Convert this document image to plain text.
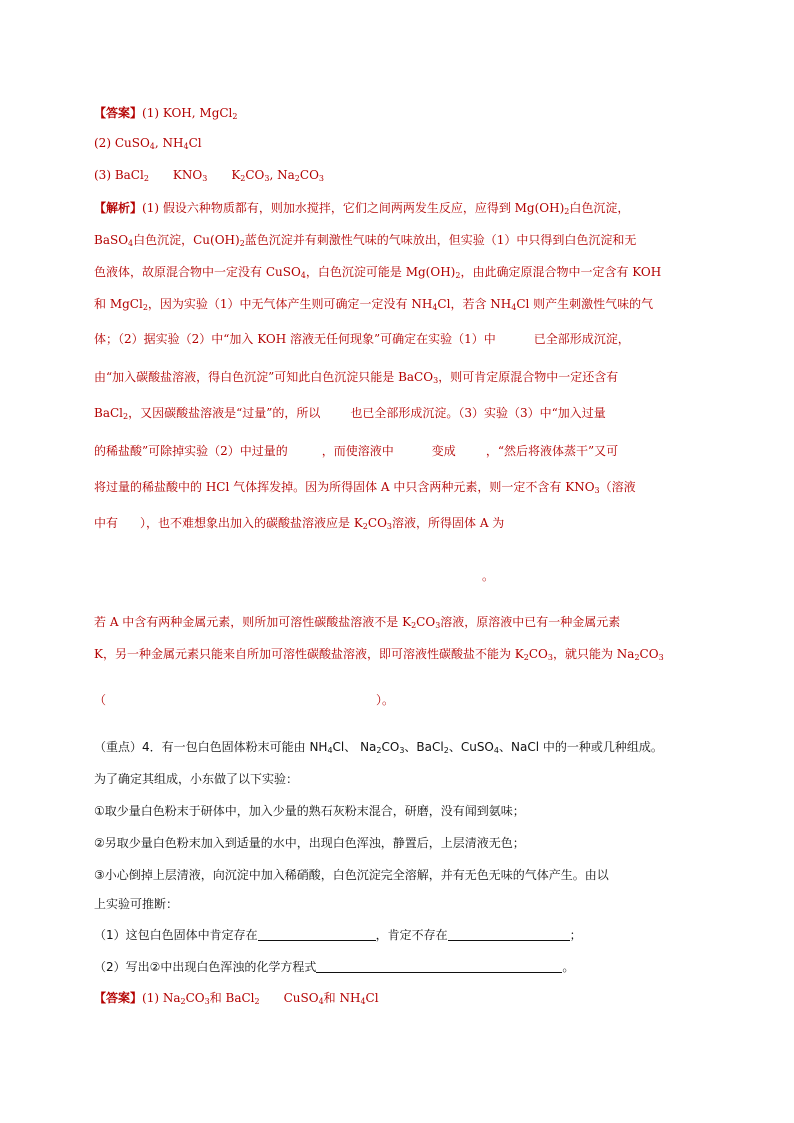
【答案】(1) KOH, MgCl$_2$
(2) CuSO$_4$, $NH_4Cl$
(3) BaCl$_2$ $KNO_3$ $K_2CO_3$, $Na_2CO_3$
【解析】(1) 假设六种物质都有，则加水搅拌，它们之间两两发生反应，应得到 $Mg(OH)_2$白色沉淀，
BaSO$_4$白色沉淀，$Cu(OH)_2$蓝色沉淀并有刺激性气味的气味放出，但实验（1）中只得到白色沉淀和无
色液体，故原混合物中一定没有 CuSO$_4$，白色沉淀可能是 $Mg(OH)_2$，由此确定原混合物中一定含有 KOH
和 MgCl$_2$，因为实验（1）中无气体产生则可确定一定没有 $NH_4Cl$，若含 $NH_4Cl$ 则产生刺激性气味的气
体；（2）据实验（2）中“加入 KOH 溶液无任何现象”可确定在实验（1）中	已全部形成沉淀，
由“加入碳酸盐溶液，得白色沉淀”可知此白色沉淀只能是 BaCO$_3$，则可肯定原混合物中一定还含有
BaCl$_2$，又因碳酸盐溶液是“过量”的，所以	也已全部形成沉淀。（3）实验（3）中“加入过量
的稀盐酸”可除掉实验（2）中过量的	，而使溶液中	变成	，“然后将液体蒸干”又可
将过量的稀盐酸中的 HCl 气体挥发掉。因为所得固体 A 中只含两种元素，则一定不含有 $KNO_3$（溶液
中有 ），也不难想象出加入的碳酸盐溶液应是 $K_2CO_3$溶液，所得固体 A 为
。
若 A 中含有两种金属元素，则所加可溶性碳酸盐溶液不是 $K_2CO_3$溶液，原溶液中已有一种金属元素
K，另一种金属元素只能来自所加可溶性碳酸盐溶液，即可溶液性碳酸盐不能为 $K_2CO_3$，就只能为 $Na_2CO_3$
（	）。
（重点）4．有一包白色固体粉末可能由 $NH_4Cl$、 $Na_2CO_3$、BaCl$_2$、CuSO$_4$、NaCl 中的一种或几种组成。
为了确定其组成，小东做了以下实验：
①取少量白色粉末于研体中，加入少量的熟石灰粉末混合，研磨，没有闻到氨味；
②另取少量白色粉末加入到适量的水中，出现白色浑浊，静置后，上层清液无色；
③小心倒掉上层清液，向沉淀中加入稀硝酸，白色沉淀完全溶解，并有无色无味的气体产生。由以
上实验可推断：
（1）这包白色固体中肯定存在	，肯定不存在	；
（2）写出②中出现白色浑浊的化学方程式	。
【答案】(1) $Na_2CO_3$和 BaCl$_2$ CuSO$_4$和 $NH_4Cl$
